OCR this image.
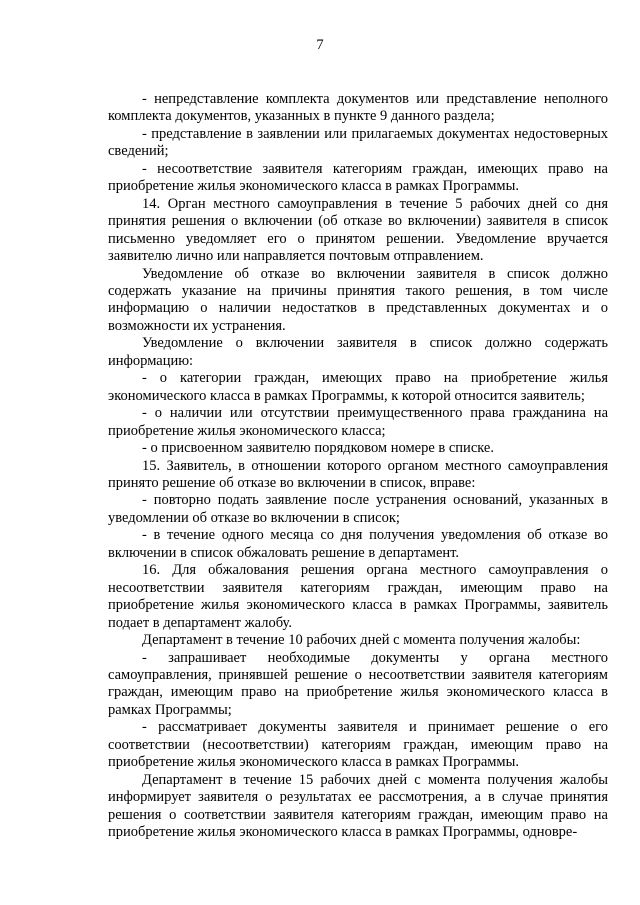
7

- непредставление комплекта документов или представление неполного комплекта документов, указанных в пункте 9 данного раздела;

- представление в заявлении или прилагаемых документах недостоверных сведений;

- несоответствие заявителя категориям граждан, имеющих право на приобретение жилья экономического класса в рамках Программы.

14. Орган местного самоуправления в течение 5 рабочих дней со дня принятия решения о включении (об отказе во включении) заявителя в список письменно уведомляет его о принятом решении. Уведомление вручается заявителю лично или направляется почтовым отправлением.

Уведомление об отказе во включении заявителя в список должно содержать указание на причины принятия такого решения, в том числе информацию о наличии недостатков в представленных документах и о возможности их устранения.

Уведомление о включении заявителя в список должно содержать информацию:

- о категории граждан, имеющих право на приобретение жилья экономического класса в рамках Программы, к которой относится заявитель;

- о наличии или отсутствии преимущественного права гражданина на приобретение жилья экономического класса;

- о присвоенном заявителю порядковом номере в списке.

15. Заявитель, в отношении которого органом местного самоуправления принято решение об отказе во включении в список, вправе:

- повторно подать заявление после устранения оснований, указанных в уведомлении об отказе во включении в список;

- в течение одного месяца со дня получения уведомления об отказе во включении в список обжаловать решение в департамент.

16. Для обжалования решения органа местного самоуправления о несоответствии заявителя категориям граждан, имеющим право на приобретение жилья экономического класса в рамках Программы, заявитель подает в департамент жалобу.

Департамент в течение 10 рабочих дней с момента получения жалобы:

- запрашивает необходимые документы у органа местного самоуправления, принявшей решение о несоответствии заявителя категориям граждан, имеющим право на приобретение жилья экономического класса в рамках Программы;

- рассматривает документы заявителя и принимает решение о его соответствии (несоответствии) категориям граждан, имеющим право на приобретение жилья экономического класса в рамках Программы.

Департамент в течение 15 рабочих дней с момента получения жалобы информирует заявителя о результатах ее рассмотрения, а в случае принятия решения о соответствии заявителя категориям граждан, имеющим право на приобретение жилья экономического класса в рамках Программы, одновре-
